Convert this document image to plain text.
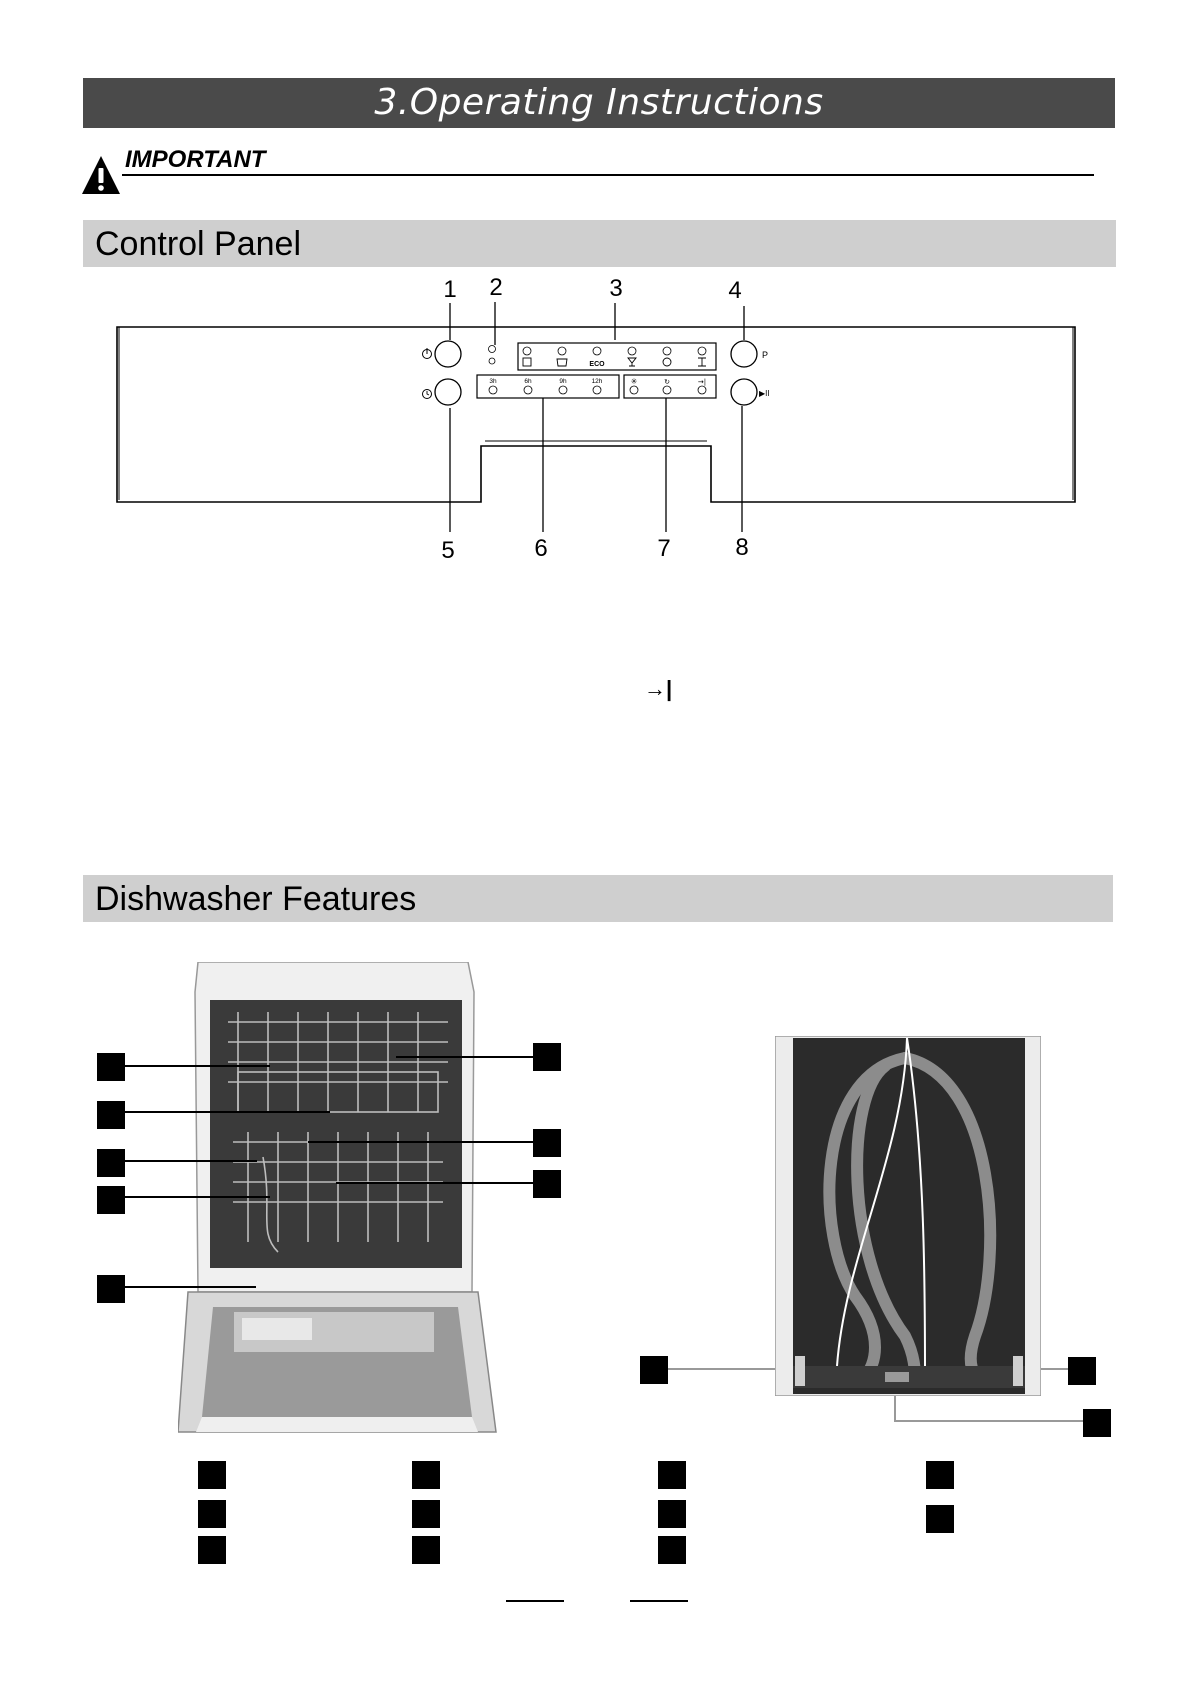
3.Operating Instructions
IMPORTANT
Control Panel
1	2	3	4
5	6	7	8
P
▶II
ECO
3h	6h	9h	12h	✳	↻	→|
→|
Dishwasher Features
